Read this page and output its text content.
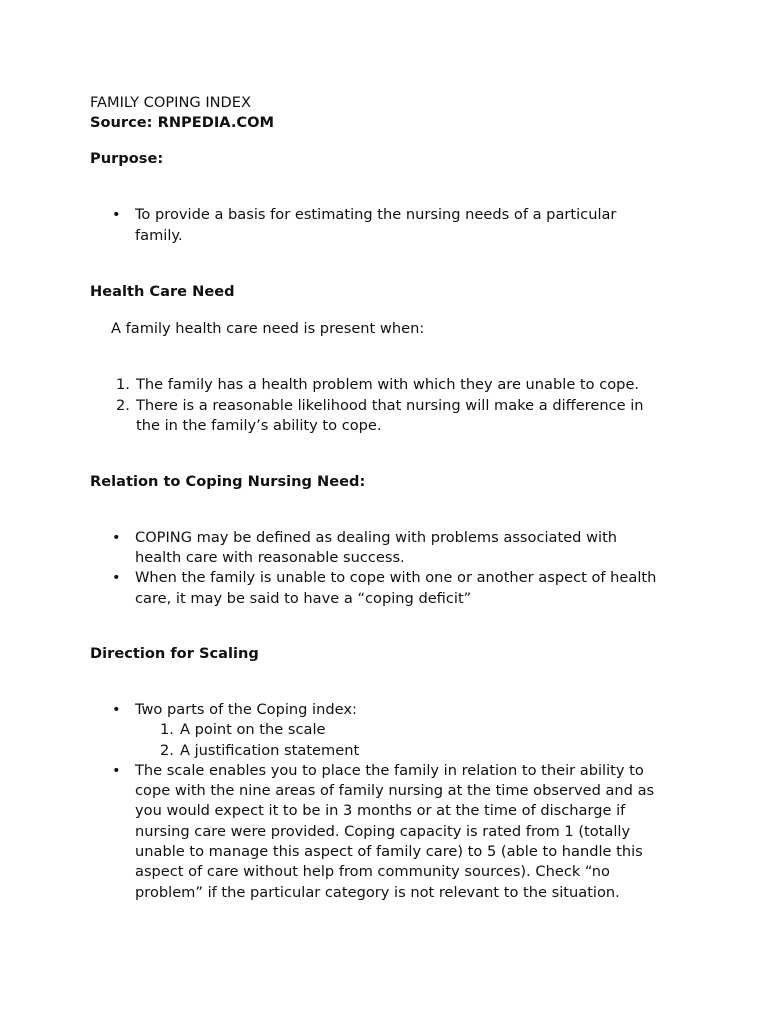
FAMILY COPING INDEX
Source: RNPEDIA.COM
Purpose:
• To provide a basis for estimating the nursing needs of a particular
family.
Health Care Need
A family health care need is present when:
1. The family has a health problem with which they are unable to cope.
2. There is a reasonable likelihood that nursing will make a difference in
the in the family’s ability to cope.
Relation to Coping Nursing Need:
• COPING may be defined as dealing with problems associated with
health care with reasonable success.
• When the family is unable to cope with one or another aspect of health
care, it may be said to have a “coping deficit”
Direction for Scaling
• Two parts of the Coping index:
1. A point on the scale
2. A justification statement
• The scale enables you to place the family in relation to their ability to
cope with the nine areas of family nursing at the time observed and as
you would expect it to be in 3 months or at the time of discharge if
nursing care were provided. Coping capacity is rated from 1 (totally
unable to manage this aspect of family care) to 5 (able to handle this
aspect of care without help from community sources). Check “no
problem” if the particular category is not relevant to the situation.
